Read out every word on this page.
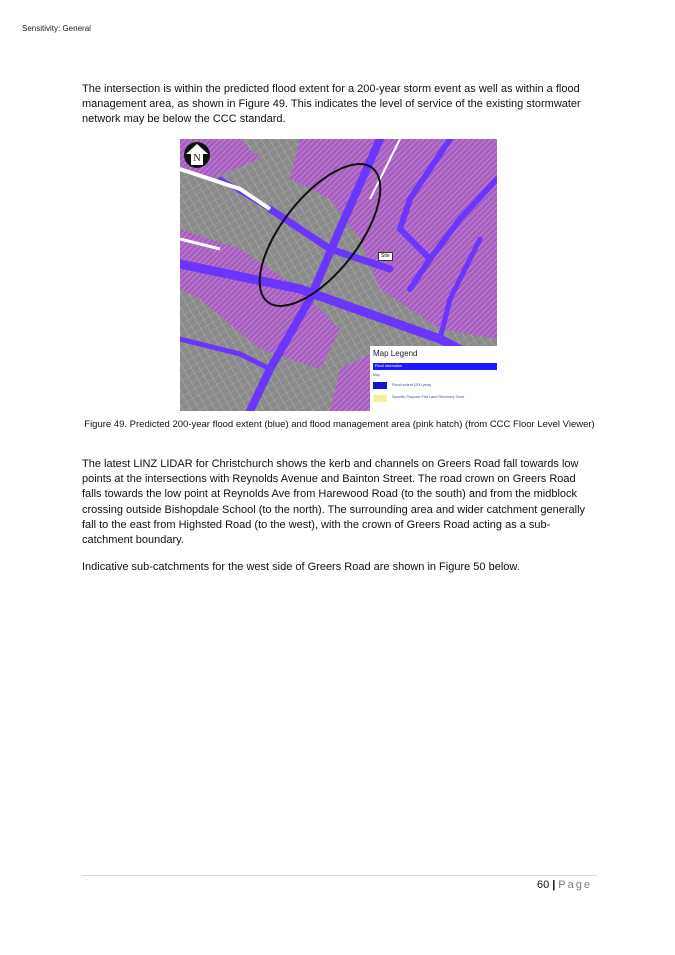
Sensitivity: General

The intersection is within the predicted flood extent for a 200-year storm event as well as within a flood management area, as shown in Figure 49. This indicates the level of service of the existing stormwater network may be below the CCC standard.

N
Site
Map Legend
Flood Information
Map
Flood extent (200 year)
Specific Purpose Flat Land Recovery Zone
Figure 49. Predicted 200-year flood extent (blue) and flood management area (pink hatch) (from CCC Floor Level Viewer)

The latest LINZ LIDAR for Christchurch shows the kerb and channels on Greers Road fall towards low points at the intersections with Reynolds Avenue and Bainton Street. The road crown on Greers Road falls towards the low point at Reynolds Ave from Harewood Road (to the south) and from the midblock crossing outside Bishopdale School (to the north). The surrounding area and wider catchment generally fall to the east from Highsted Road (to the west), with the crown of Greers Road acting as a sub-catchment boundary.

Indicative sub-catchments for the west side of Greers Road are shown in Figure 50 below.

60 | Page
